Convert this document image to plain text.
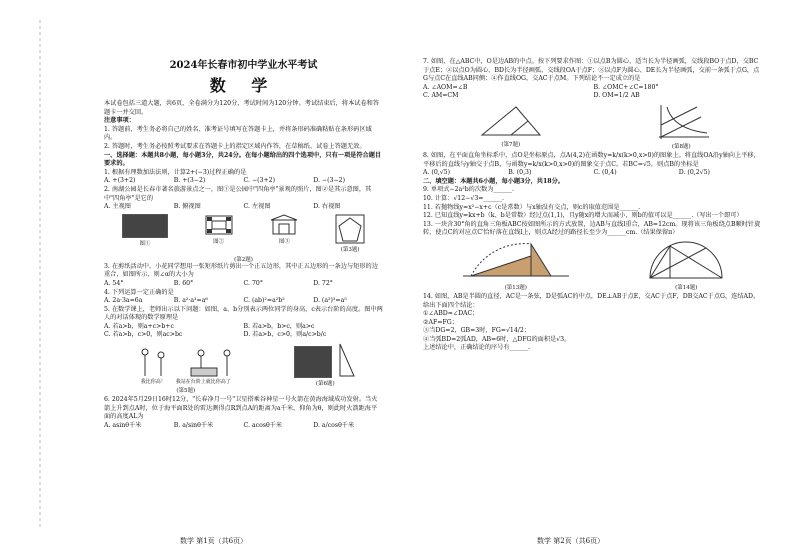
2024年长春市初中学业水平考试
数 学

本试卷包括三道大题，共6页，全卷满分为120分，考试时间为120分钟。考试结束后，将本试卷和答题卡一并交回。

注意事项：

1. 答题前，考生务必将自己的姓名、准考证号填写在答题卡上，并将条形码准确粘贴在条形码区域内。

2. 答题时，考生务必按照考试要求在答题卡上的指定区域内作答，在草稿纸、试卷上答题无效。

一、选择题：本题共8小题，每小题3分，共24分。在每小题给出的四个选项中，只有一项是符合题目要求的。

1. 根据有理数加法法则，计算2+(−3)过程正确的是

A. +(3+2)	B. +(3−2)	C. −(3+2)	D. −(3−2)

2. 南湖公园是长春市著名旅游景点之一，图①是公园中"四角亭"景观的照片，图②是其示意图，其中"四角亭"是它的

A. 主视图	B. 俯视图	C. 左视图	D. 右视图
图①	图②	图③
(第3题)
(第2题)

3. 在剪纸活动中，小花同学想用一张矩形纸片剪出一个正五边形，其中正五边形的一条边与矩形的边重合，如图所示，则∠α的大小为

A. 54°	B. 60°	C. 70°	D. 72°

4. 下列运算一定正确的是

A. 2a·3a=6a	B. a²·a³=a⁶	C. (ab)²=a²b²	D. (a²)³=a⁵

5. 在数学课上，老师出示以下问题：如图，a、b分别表示两位同学的身高，c表示台阶的高度。图中两人的对话体现的数学原理是

A. 若a>b，则a+c>b+c	B. 若a>b，b>c，则a>c
C. 若a>b，c>0，则ac>bc	D. 若a>b，c>0，则a/c>b/c
我比你高！ 我站在台阶上就比你高了
(第5题)
(第6题)

6. 2024年5月29日16时12分，"长春净月一号"卫星搭乘谷神星一号火箭在黄海海域成功发射。当火箭上升到点A时，位于海平面R处的雷达测得点R到点A的距离为a千米，仰角为θ，则此时火箭距海平面的高度AL为

A. asinθ千米	B. a/sinθ千米	C. acosθ千米	D. a/cosθ千米
数学 第1页（共6页）

7. 如图，在△ABC中，O是边AB的中点。按下列要求作图：①以点B为圆心、适当长为半径画弧，交线段BO于点D，交BC于点E；②以点O为圆心、BD长为半径画弧，交线段OA于点F；③以点F为圆心、DE长为半径画弧，交前一条弧于点G，点G与点C在直线AB同侧；④作直线OG，交AC于点M。下列结论不一定成立的是

A. ∠AOM=∠B	B. ∠OMC+∠C=180°
C. AM=CM	D. OM=1/2 AB
(第7题)	(第8题)

8. 如图，在平面直角坐标系中，点O是坐标原点，点A(4,2)在函数y=k/x(k>0,x>0)的图象上。将直线OA沿y轴向上平移，平移后的直线与y轴交于点B，与函数y=k/x(k>0,x>0)的图象交于点C。若BC=√5，则点B的坐标是

A. (0,√5)	B. (0,3)	C. (0,4)	D. (0,2√5)

二、填空题：本题共6小题，每小题3分，共18分。

9. 单项式−2a²b的次数为______.

10. 计算：√12−√3=______.

11. 若抛物线y=x²−x+c（c是常数）与x轴没有交点，则c的取值范围是______.

12. 已知直线y=kx+b（k、b是常数）经过点(1,1)，且y随x的增大而减小，则b的值可以是______.（写出一个即可）

13. 一块含30°角的直角三角板ABC按如图所示的方式放置，边AB与直线l重合，AB=12cm。现将该三角板绕点B顺时针旋转，使点C的对应点C′恰好落在直线l上，则点A经过的路径长至少为______cm.（结果保留π）

(第13题)	(第14题)

14. 如图，AB是半圆的直径，AC是一条弦，D是弧AC的中点，DE⊥AB于点E，交AC于点F，DB交AC于点G，连结AD。给出下面四个结论：

①∠ABD=∠DAC；

②AF=FG；

③当DG=2，GB=3时，FG=√14/2；

④当弧BD=2弧AD，AB=6时，△DFG的面积是√3。

上述结论中，正确结论的序号有______.

数学 第2页（共6页）
